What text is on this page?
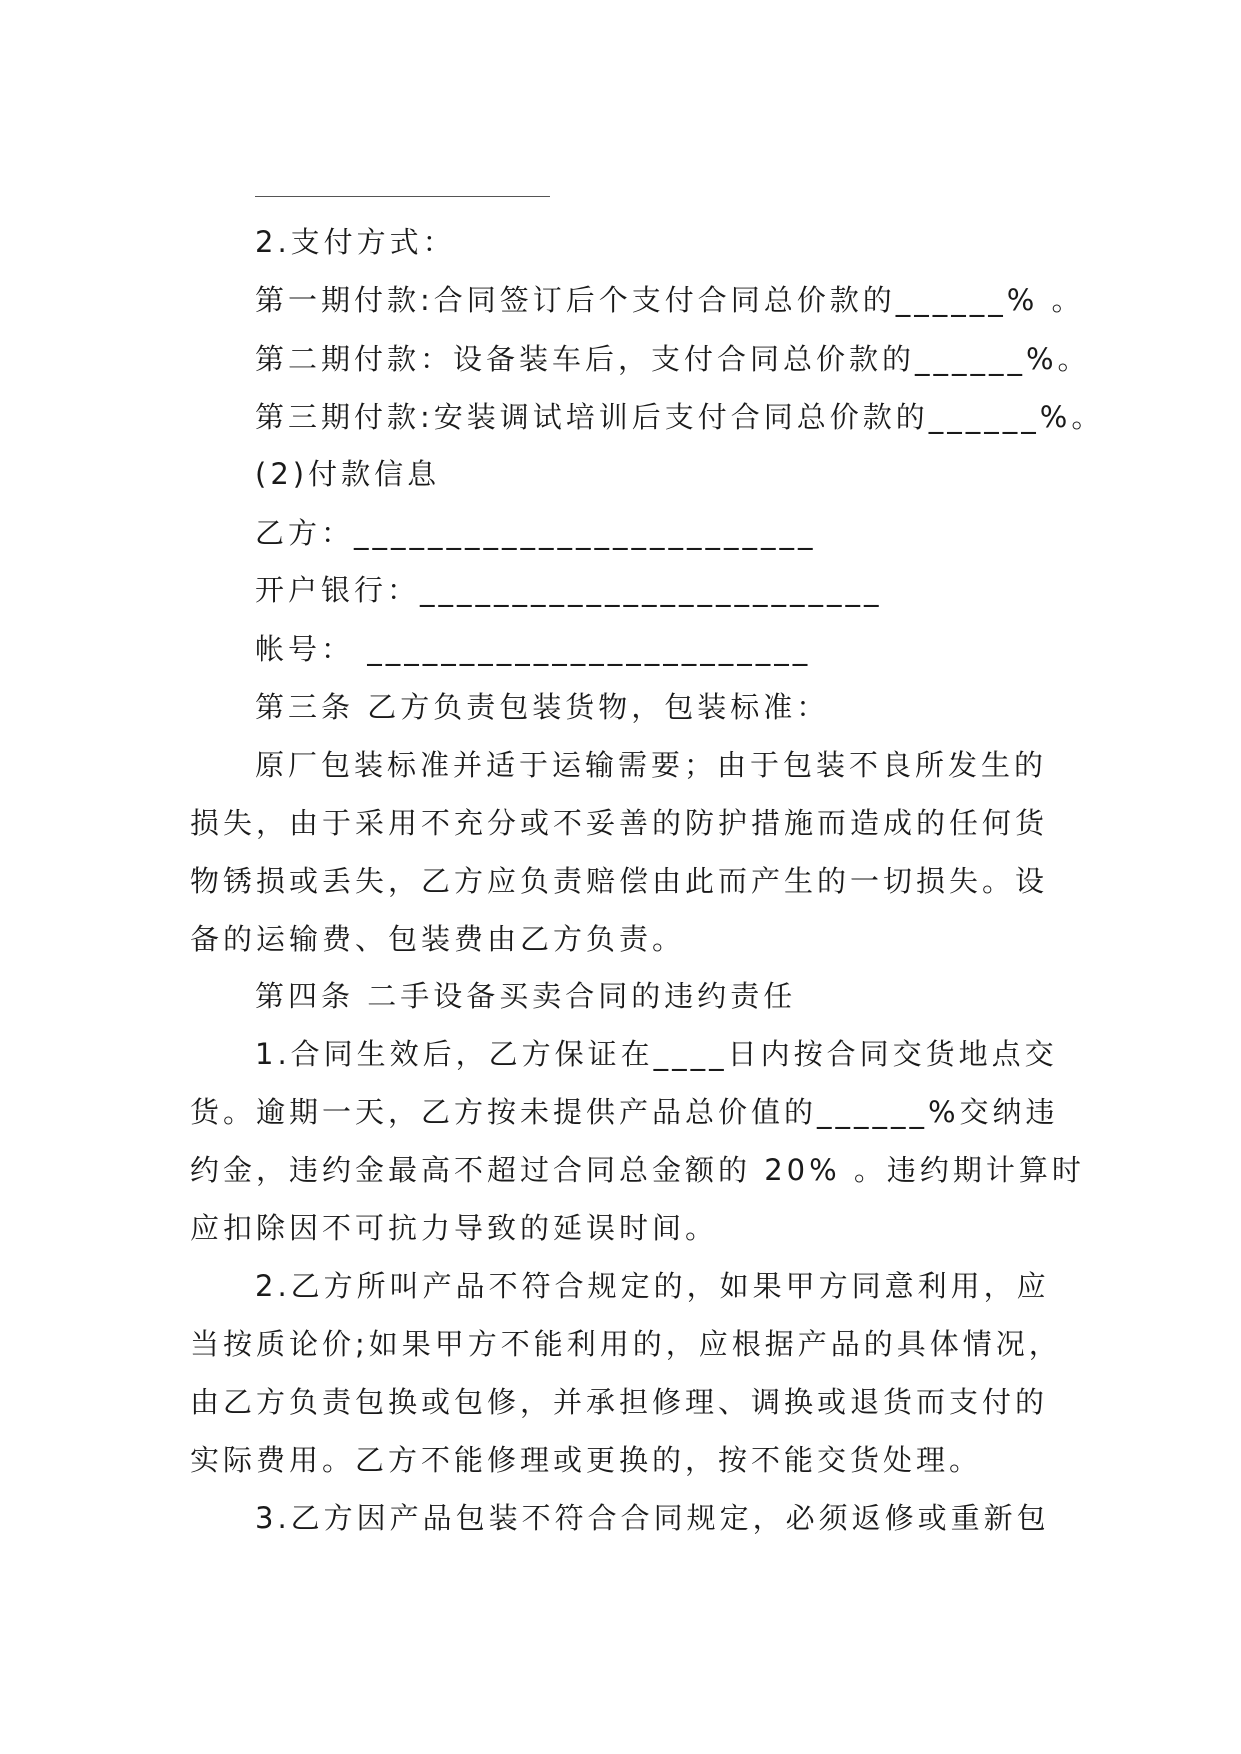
2.支付方式：
第一期付款:合同签订后个支付合同总价款的______% 。
第二期付款：设备装车后，支付合同总价款的______%。
第三期付款:安装调试培训后支付合同总价款的______%。
(2)付款信息
乙方：_________________________
开户银行：_________________________
帐号： ________________________
第三条 乙方负责包装货物，包装标准：
原厂包装标准并适于运输需要；由于包装不良所发生的
损失，由于采用不充分或不妥善的防护措施而造成的任何货
物锈损或丢失，乙方应负责赔偿由此而产生的一切损失。设
备的运输费、包装费由乙方负责。
第四条 二手设备买卖合同的违约责任
1.合同生效后，乙方保证在____日内按合同交货地点交
货。逾期一天，乙方按未提供产品总价值的______%交纳违
约金，违约金最高不超过合同总金额的 20% 。违约期计算时
应扣除因不可抗力导致的延误时间。
2.乙方所叫产品不符合规定的，如果甲方同意利用，应
当按质论价;如果甲方不能利用的，应根据产品的具体情况，
由乙方负责包换或包修，并承担修理、调换或退货而支付的
实际费用。乙方不能修理或更换的，按不能交货处理。
3.乙方因产品包装不符合合同规定，必须返修或重新包
